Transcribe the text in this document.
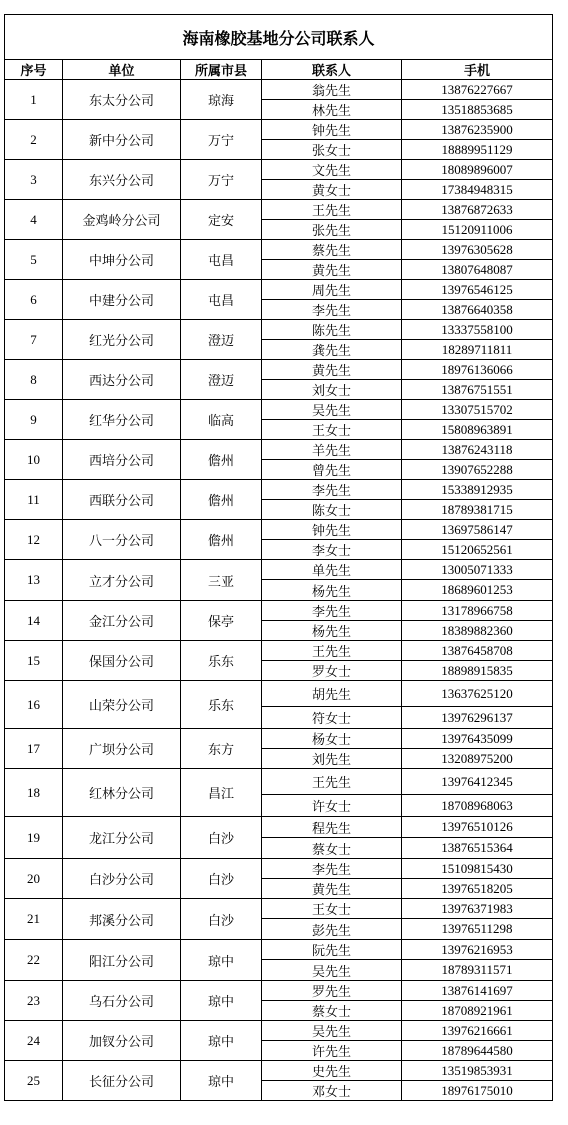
海南橡胶基地分公司联系人				
序号	单位	所属市县	联系人	手机
1	东太分公司	琼海	翁先生	13876227667
			林先生	13518853685
2	新中分公司	万宁	钟先生	13876235900
			张女士	18889951129
3	东兴分公司	万宁	文先生	18089896007
			黄女士	17384948315
4	金鸡岭分公司	定安	王先生	13876872633
			张先生	15120911006
5	中坤分公司	屯昌	蔡先生	13976305628
			黄先生	13807648087
6	中建分公司	屯昌	周先生	13976546125
			李先生	13876640358
7	红光分公司	澄迈	陈先生	13337558100
			龚先生	18289711811
8	西达分公司	澄迈	黄先生	18976136066
			刘女士	13876751551
9	红华分公司	临高	吴先生	13307515702
			王女士	15808963891
10	西培分公司	儋州	羊先生	13876243118
			曾先生	13907652288
11	西联分公司	儋州	李先生	15338912935
			陈女士	18789381715
12	八一分公司	儋州	钟先生	13697586147
			李女士	15120652561
13	立才分公司	三亚	单先生	13005071333
			杨先生	18689601253
14	金江分公司	保亭	李先生	13178966758
			杨先生	18389882360
15	保国分公司	乐东	王先生	13876458708
			罗女士	18898915835
16	山荣分公司	乐东	胡先生	13637625120
			符女士	13976296137
17	广坝分公司	东方	杨女士	13976435099
			刘先生	13208975200
18	红林分公司	昌江	王先生	13976412345
			许女士	18708968063
19	龙江分公司	白沙	程先生	13976510126
			蔡女士	13876515364
20	白沙分公司	白沙	李先生	15109815430
			黄先生	13976518205
21	邦溪分公司	白沙	王女士	13976371983
			彭先生	13976511298
22	阳江分公司	琼中	阮先生	13976216953
			吴先生	18789311571
23	乌石分公司	琼中	罗先生	13876141697
			蔡女士	18708921961
24	加钗分公司	琼中	吴先生	13976216661
			许先生	18789644580
25	长征分公司	琼中	史先生	13519853931
			邓女士	18976175010
